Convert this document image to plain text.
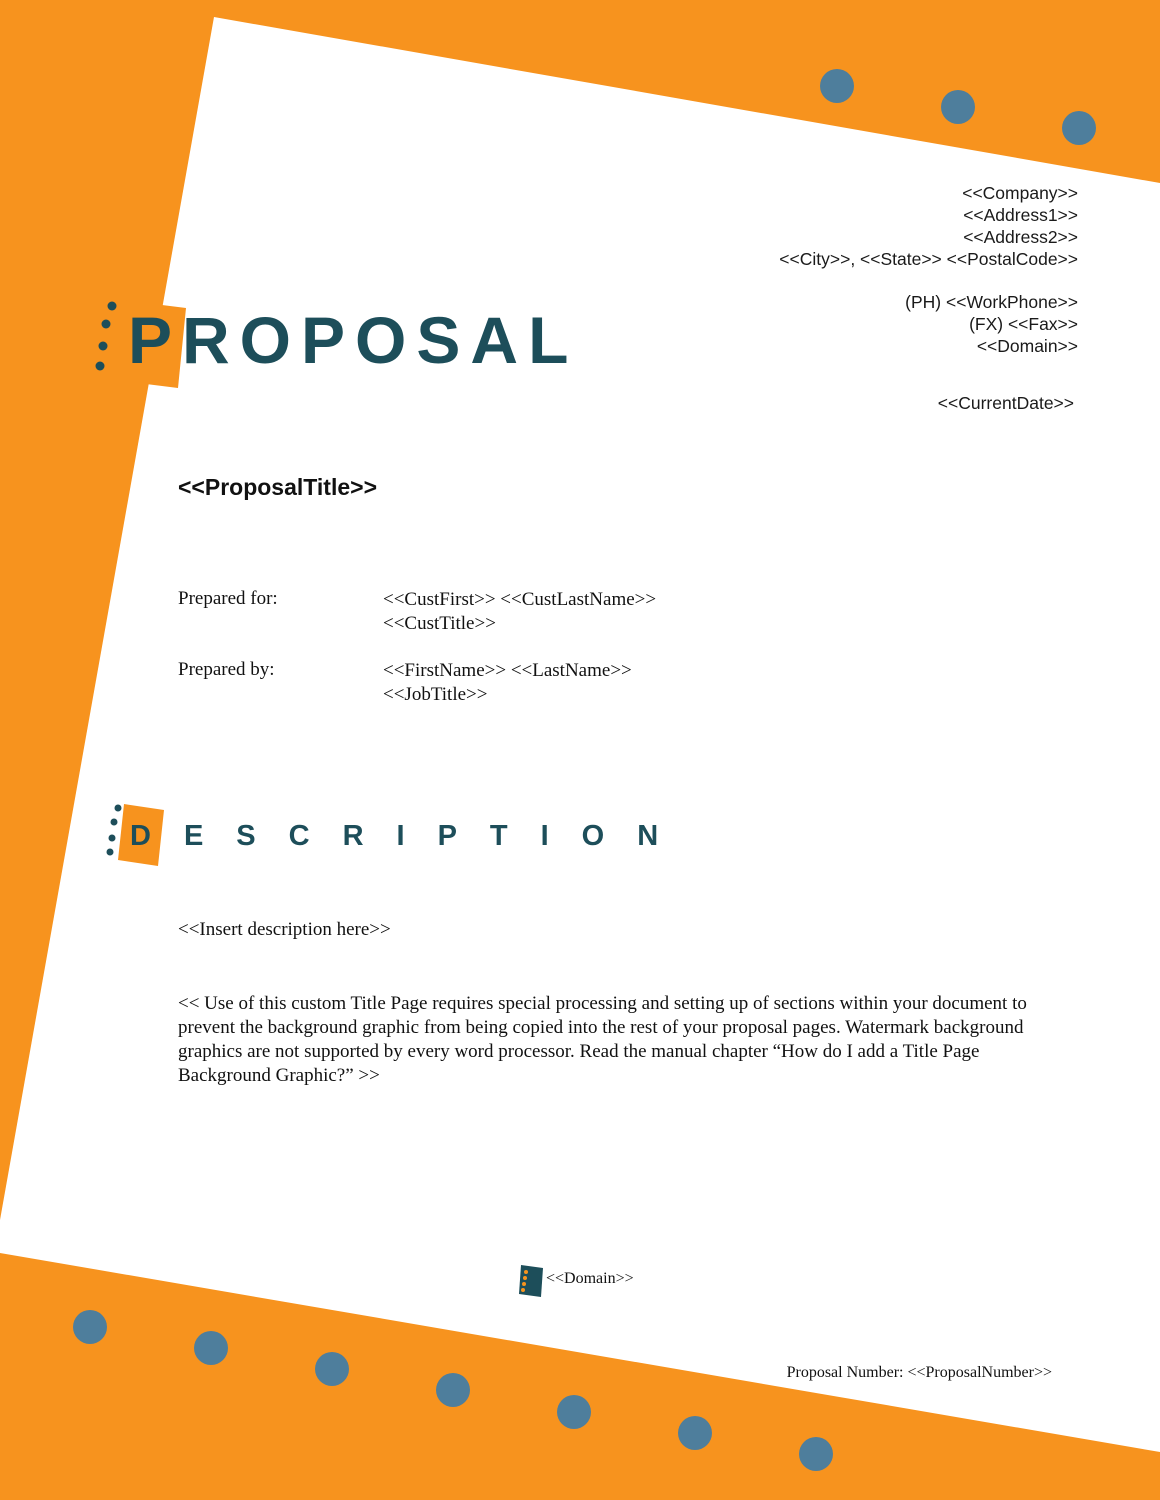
<<Company>>
<<Address1>>
<<Address2>>
<<City>>, <<State>> <<PostalCode>>
(PH) <<WorkPhone>>
(FX) <<Fax>>
<<Domain>>
<<CurrentDate>>
PROPOSAL
<<ProposalTitle>>
Prepared for:	<<CustFirst>> <<CustLastName>>
<<CustTitle>>
Prepared by:	<<FirstName>> <<LastName>>
<<JobTitle>>
DESCRIPTION
<<Insert description here>>
<< Use of this custom Title Page requires special processing and setting up of sections within your document to prevent the background graphic from being copied into the rest of your proposal pages. Watermark background graphics are not supported by every word processor. Read the manual chapter “How do I add a Title Page Background Graphic?” >>
<<Domain>>
Proposal Number: <<ProposalNumber>>
